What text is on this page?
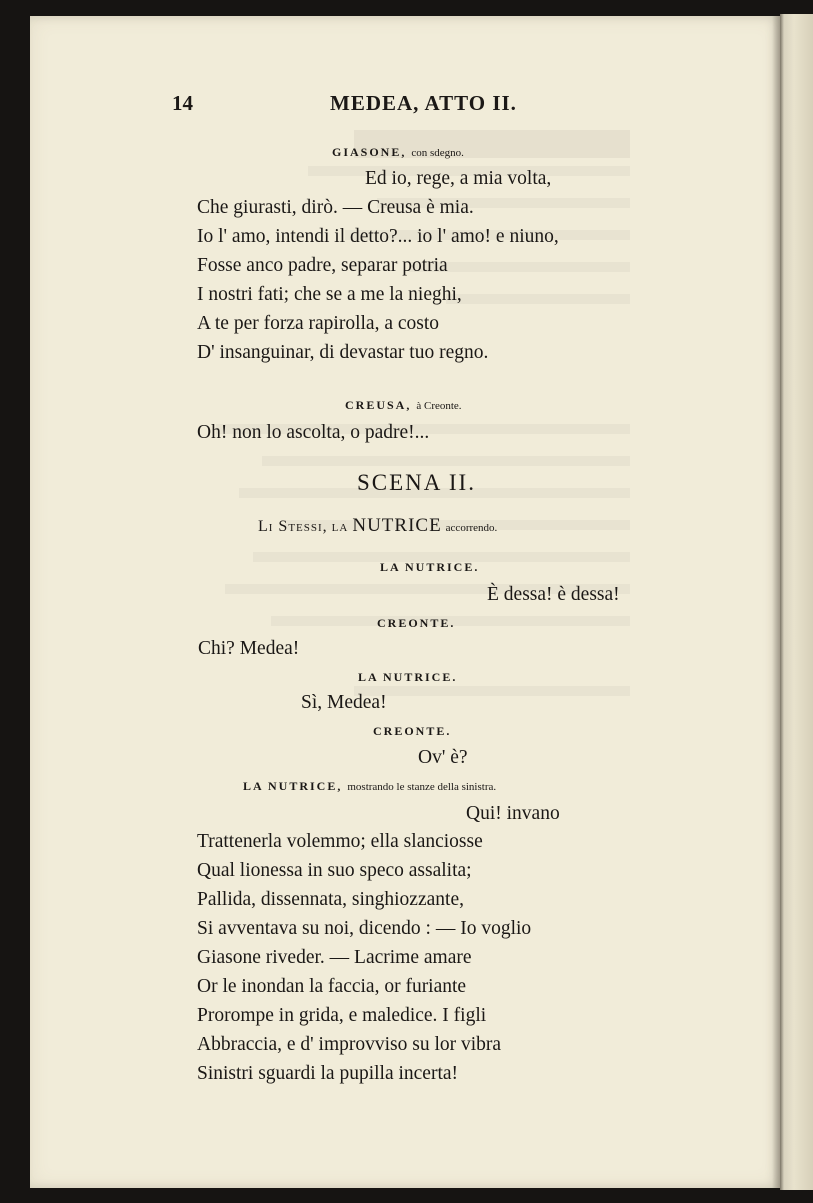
14	MEDEA, ATTO II.
GIASONE, con sdegno.
Ed io, rege, a mia volta,
Che giurasti, dirò. — Creusa è mia.
Io l' amo, intendi il detto?... io l' amo! e niuno,
Fosse anco padre, separar potria
I nostri fati; che se a me la nieghi,
A te per forza rapirolla, a costo
D' insanguinar, di devastar tuo regno.
CREUSA, à Creonte.
Oh! non lo ascolta, o padre!...
SCENA II.
Li Stessi, la NUTRICE accorrendo.
LA NUTRICE.
È dessa! è dessa!
CREONTE.
Chi? Medea!
LA NUTRICE.
Sì, Medea!
CREONTE.
Ov' è?
LA NUTRICE, mostrando le stanze della sinistra.
Qui! invano
Trattenerla volemmo; ella slanciosse
Qual lionessa in suo speco assalita;
Pallida, dissennata, singhiozzante,
Si avventava su noi, dicendo : — Io voglio
Giasone riveder. — Lacrime amare
Or le inondan la faccia, or furiante
Prorompe in grida, e maledice. I figli
Abbraccia, e d' improvviso su lor vibra
Sinistri sguardi la pupilla incerta!
